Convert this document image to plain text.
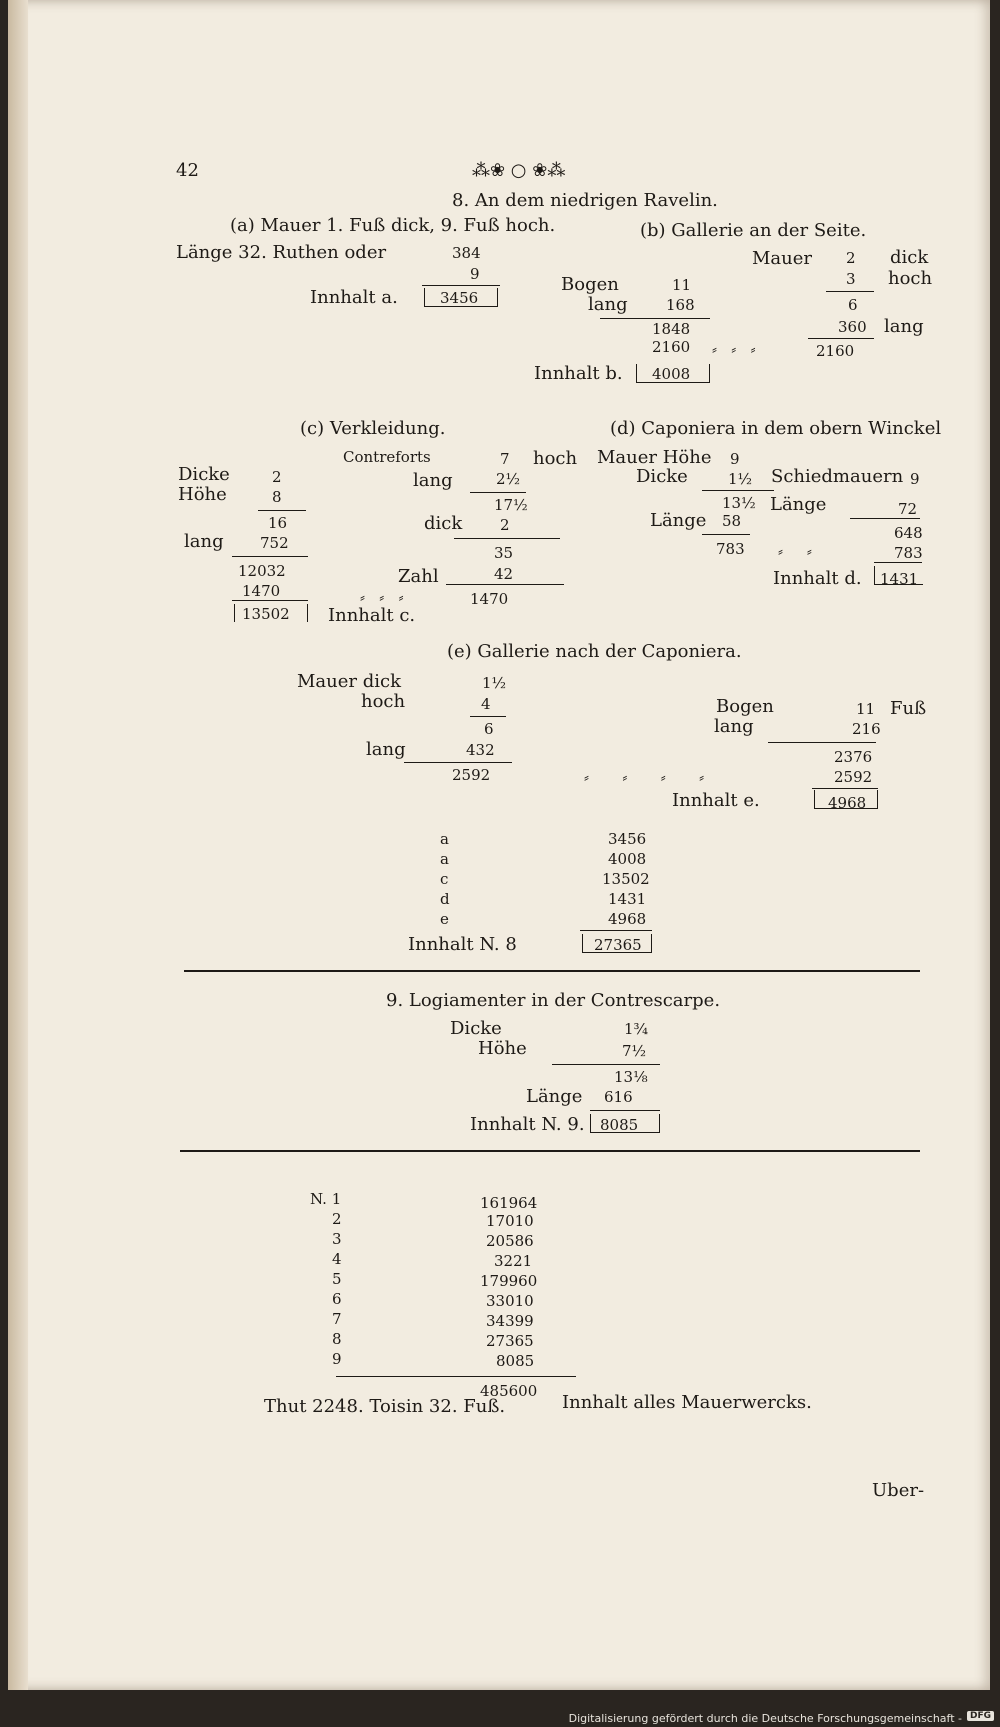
Digitalisierung gefördert durch die Deutsche Forschungsgemeinschaft - DFG
42	⁂❀ ○ ❀⁂
8. An dem niedrigen Ravelin.
(a) Mauer 1. Fuß dick, 9. Fuß hoch.
Länge 32. Ruthen oder	384
9
Innhalt a.	3456
(b) Gallerie an der Seite.
Mauer 2 dick
3 hoch
6
360 lang
2160
Bogen	11
lang	168
1848
2160 ⸗   ⸗   ⸗
Innhalt b. 4008
(c) Verkleidung.
Contreforts	7 hoch
lang	2½
17½
dick	2
35
Zahl	42
1470
Dicke	2
Höhe	8
16
lang 752
12032
1470
13502 Innhalt c.
⸗   ⸗   ⸗
(d) Caponiera in dem obern Winckel
Mauer Höhe 9
Dicke	1½
13½
Länge 58
783 ⸗     ⸗
Schiedmauern 9
Länge	72
648
783
Innhalt d. 1431
(e) Gallerie nach der Caponiera.
Mauer dick	1½
hoch	4
6
lang	432
2592	⸗       ⸗       ⸗       ⸗
Bogen	11 Fuß
lang	216
2376
2592
Innhalt e.	4968
a	3456
a	4008
c	13502
d	1431
e	4968
Innhalt N. 8	27365
9. Logiamenter in der Contrescarpe.
Dicke	1¾
Höhe	7½
13⅛
Länge 616
Innhalt N. 9. 8085
N. 1	161964
2	17010
3	20586
4	3221
5	179960
6	33010
7	34399
8	27365
9	8085
485600
Thut 2248. Toisin 32. Fuß.	Innhalt alles Mauerwercks.
Uber-
